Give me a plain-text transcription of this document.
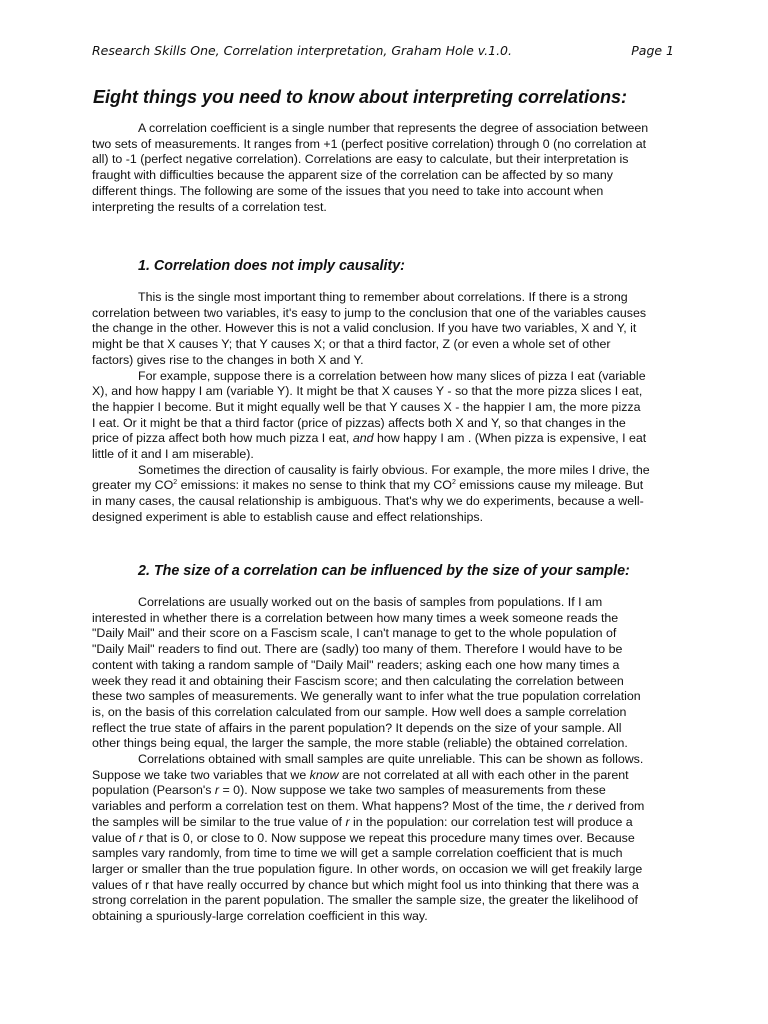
Research Skills One, Correlation interpretation, Graham Hole v.1.0.	Page 1
Eight things you need to know about interpreting correlations:

A correlation coefficient is a single number that represents the degree of association between
two sets of measurements. It ranges from +1 (perfect positive correlation) through 0 (no correlation at
all) to -1 (perfect negative correlation). Correlations are easy to calculate, but their interpretation is
fraught with difficulties because the apparent size of the correlation can be affected by so many
different things. The following are some of the issues that you need to take into account when
interpreting the results of a correlation test.

1. Correlation does not imply causality:

This is the single most important thing to remember about correlations. If there is a strong
correlation between two variables, it's easy to jump to the conclusion that one of the variables causes
the change in the other. However this is not a valid conclusion. If you have two variables, X and Y, it
might be that X causes Y; that Y causes X; or that a third factor, Z (or even a whole set of other
factors) gives rise to the changes in both X and Y.

For example, suppose there is a correlation between how many slices of pizza I eat (variable
X), and how happy I am (variable Y). It might be that X causes Y - so that the more pizza slices I eat,
the happier I become. But it might equally well be that Y causes X - the happier I am, the more pizza
I eat. Or it might be that a third factor (price of pizzas) affects both X and Y, so that changes in the
price of pizza affect both how much pizza I eat, and how happy I am . (When pizza is expensive, I eat
little of it and I am miserable).

Sometimes the direction of causality is fairly obvious. For example, the more miles I drive, the
greater my $CO^2$ emissions: it makes no sense to think that my $CO^2$ emissions cause my mileage. But
in many cases, the causal relationship is ambiguous. That's why we do experiments, because a well-
designed experiment is able to establish cause and effect relationships.

2. The size of a correlation can be influenced by the size of your sample:

Correlations are usually worked out on the basis of samples from populations. If I am
interested in whether there is a correlation between how many times a week someone reads the
"Daily Mail" and their score on a Fascism scale, I can't manage to get to the whole population of
"Daily Mail" readers to find out. There are (sadly) too many of them. Therefore I would have to be
content with taking a random sample of "Daily Mail" readers; asking each one how many times a
week they read it and obtaining their Fascism score; and then calculating the correlation between
these two samples of measurements. We generally want to infer what the true population correlation
is, on the basis of this correlation calculated from our sample. How well does a sample correlation
reflect the true state of affairs in the parent population? It depends on the size of your sample. All
other things being equal, the larger the sample, the more stable (reliable) the obtained correlation.

Correlations obtained with small samples are quite unreliable. This can be shown as follows.
Suppose we take two variables that we know are not correlated at all with each other in the parent
population (Pearson's r = 0). Now suppose we take two samples of measurements from these
variables and perform a correlation test on them. What happens? Most of the time, the r derived from
the samples will be similar to the true value of r in the population: our correlation test will produce a
value of r that is 0, or close to 0. Now suppose we repeat this procedure many times over. Because
samples vary randomly, from time to time we will get a sample correlation coefficient that is much
larger or smaller than the true population figure. In other words, on occasion we will get freakily large
values of r that have really occurred by chance but which might fool us into thinking that there was a
strong correlation in the parent population. The smaller the sample size, the greater the likelihood of
obtaining a spuriously-large correlation coefficient in this way.
